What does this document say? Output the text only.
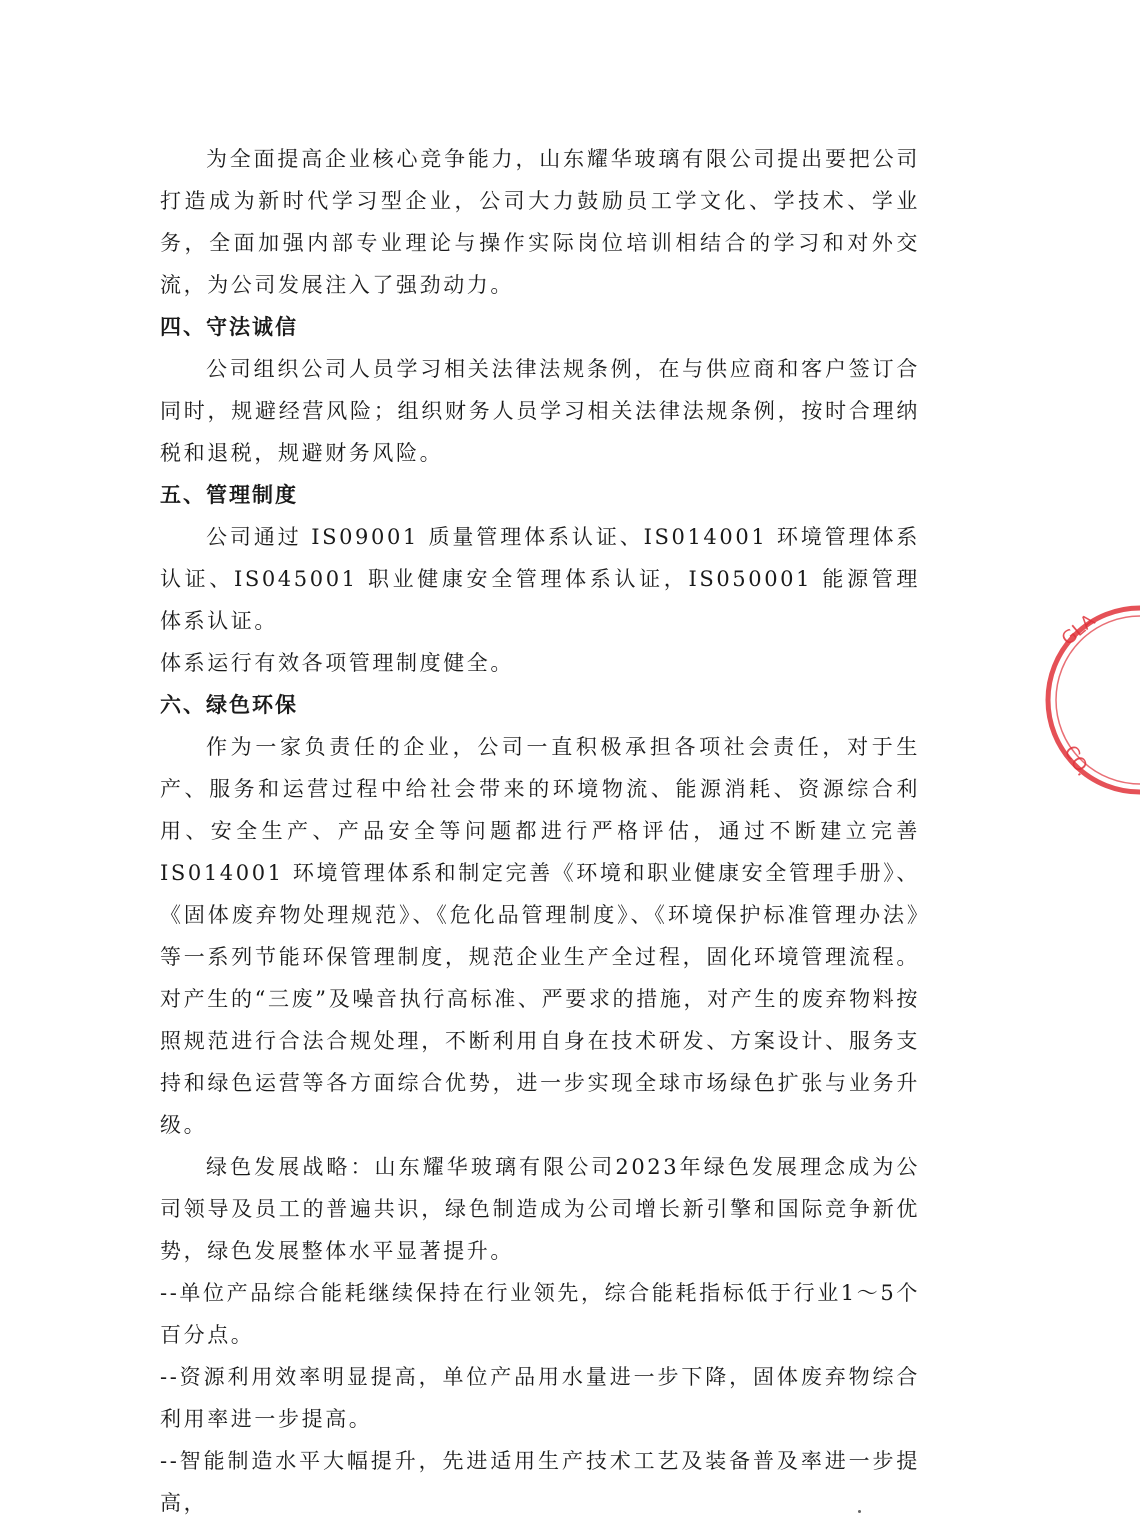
为全面提高企业核心竞争能力，山东耀华玻璃有限公司提出要把公司打造成为新时代学习型企业，公司大力鼓励员工学文化、学技术、学业务，全面加强内部专业理论与操作实际岗位培训相结合的学习和对外交流，为公司发展注入了强劲动力。

四、守法诚信

公司组织公司人员学习相关法律法规条例，在与供应商和客户签订合同时，规避经营风险；组织财务人员学习相关法律法规条例，按时合理纳税和退税，规避财务风险。

五、管理制度

公司通过 IS09001 质量管理体系认证、IS014001 环境管理体系认证、IS045001 职业健康安全管理体系认证，IS050001 能源管理体系认证。

体系运行有效各项管理制度健全。

六、绿色环保

作为一家负责任的企业，公司一直积极承担各项社会责任，对于生产、服务和运营过程中给社会带来的环境物流、能源消耗、资源综合利用、安全生产、产品安全等问题都进行严格评估，通过不断建立完善 IS014001 环境管理体系和制定完善《环境和职业健康安全管理手册》、《固体废弃物处理规范》、《危化品管理制度》、《环境保护标准管理办法》等一系列节能环保管理制度，规范企业生产全过程，固化环境管理流程。对产生的“三废”及噪音执行高标准、严要求的措施，对产生的废弃物料按照规范进行合法合规处理，不断利用自身在技术研发、方案设计、服务支持和绿色运营等各方面综合优势，进一步实现全球市场绿色扩张与业务升级。

绿色发展战略：山东耀华玻璃有限公司2023年绿色发展理念成为公司领导及员工的普遍共识，绿色制造成为公司增长新引擎和国际竞争新优势，绿色发展整体水平显著提升。

--单位产品综合能耗继续保持在行业领先，综合能耗指标低于行业1～5个百分点。

--资源利用效率明显提高，单位产品用水量进一步下降，固体废弃物综合利用率进一步提高。

--智能制造水平大幅提升，先进适用生产技术工艺及装备普及率进一步提高，

GLA
CO.
